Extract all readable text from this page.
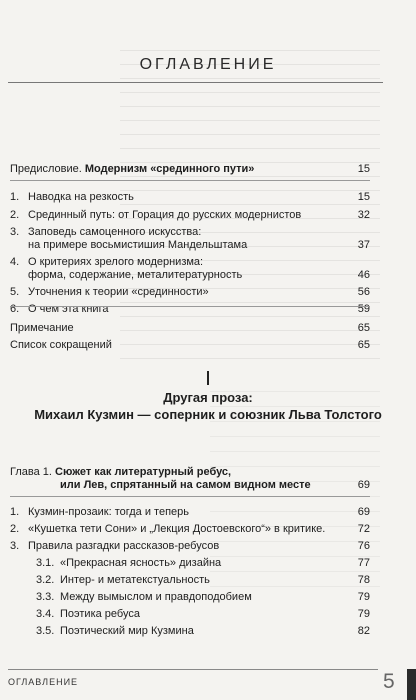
ОГЛАВЛЕНИЕ
Предисловие. Модернизм «срединного пути»	15
1. Наводка на резкость	15
2. Срединный путь: от Горация до русских модернистов	32
3. Заповедь самоценного искусства:
на примере восьмистишия Мандельштама	37
4. О критериях зрелого модернизма:
форма, содержание, металитературность	46
5. Уточнения к теории «срединности»	56
6. О чем эта книга	59
Примечание	65
Список сокращений	65
Другая проза:
Михаил Кузмин — соперник и союзник Льва Толстого
Глава 1. Сюжет как литературный ребус,
или Лев, спрятанный на самом видном месте	69
1. Кузмин-прозаик: тогда и теперь	69
2. «Кушетка тети Сони» и „Лекция Достоевского“» в критике.	72
3. Правила разгадки рассказов-ребусов	76
3.1. «Прекрасная ясность» дизайна	77
3.2. Интер- и метатекстуальность	78
3.3. Между вымыслом и правдоподобием	79
3.4. Поэтика ребуса	79
3.5. Поэтический мир Кузмина	82
ОГЛАВЛЕНИЕ	5
